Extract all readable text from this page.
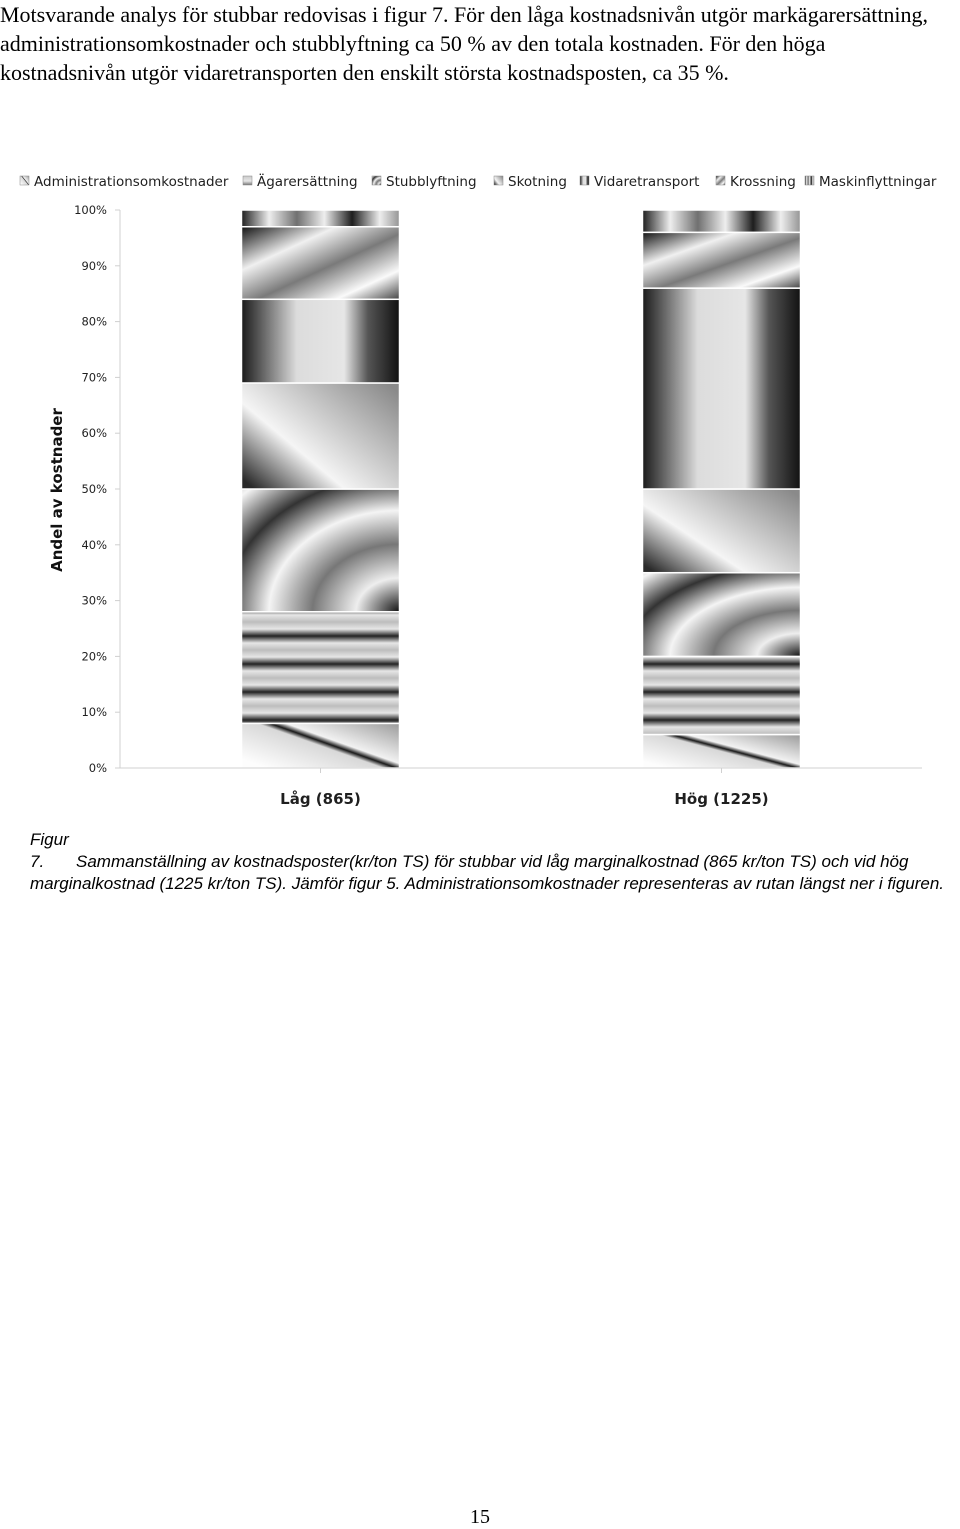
Motsvarande analys för stubbar redovisas i figur 7. För den låga kostnadsnivån utgör markägarersättning, administrationsomkostnader och stubblyftning ca 50 % av den totala kostnaden. För den höga kostnadsnivån utgör vidaretransporten den enskilt största kostnadsposten, ca 35 %.

Administrationsomkostnader Ägarersättning Stubblyftning Skotning Vidaretransport Krossning Maskinflyttningar
Andel av kostnader
0%
10%
20%
30%
40%
50%
60%
70%
80%
90%
100%
Låg (865)	Hög (1225)
Figur 7. Sammanställning av kostnadsposter(kr/ton TS) för stubbar vid låg marginalkostnad (865 kr/ton TS) och vid hög marginalkostnad (1225 kr/ton TS). Jämför figur 5. Administrationsomkostnader representeras av rutan längst ner i figuren.
15
